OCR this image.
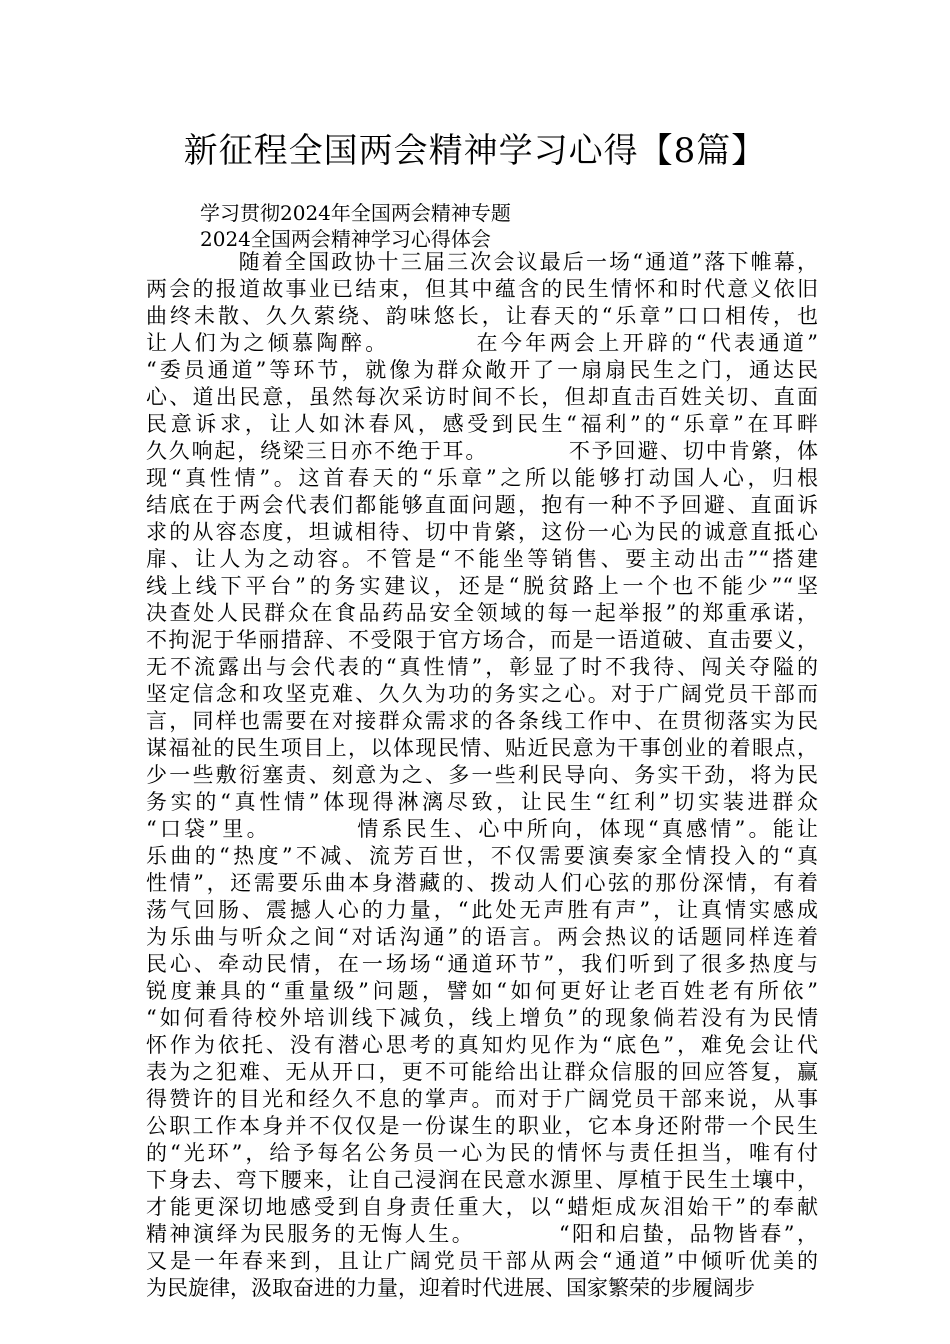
新征程全国两会精神学习心得【8篇】
学习贯彻2024年全国两会精神专题
2024全国两会精神学习心得体会
　　　　随着全国政协十三届三次会议最后一场“通道”落下帷幕，
两会的报道故事业已结束，但其中蕴含的民生情怀和时代意义依旧
曲终未散、久久萦绕、韵味悠长，让春天的“乐章”口口相传，也
让人们为之倾慕陶醉。　　　　在今年两会上开辟的“代表通道”
“委员通道”等环节，就像为群众敞开了一扇扇民生之门，通达民
心、道出民意，虽然每次采访时间不长，但却直击百姓关切、直面
民意诉求，让人如沐春风，感受到民生“福利”的“乐章”在耳畔
久久响起，绕梁三日亦不绝于耳。　　　　不予回避、切中肯綮，体
现“真性情”。这首春天的“乐章”之所以能够打动国人心，归根
结底在于两会代表们都能够直面问题，抱有一种不予回避、直面诉
求的从容态度，坦诚相待、切中肯綮，这份一心为民的诚意直抵心
扉、让人为之动容。不管是“不能坐等销售、要主动出击”“搭建
线上线下平台”的务实建议，还是“脱贫路上一个也不能少”“坚
决查处人民群众在食品药品安全领域的每一起举报”的郑重承诺，
不拘泥于华丽措辞、不受限于官方场合，而是一语道破、直击要义，
无不流露出与会代表的“真性情”，彰显了时不我待、闯关夺隘的
坚定信念和攻坚克难、久久为功的务实之心。对于广阔党员干部而
言，同样也需要在对接群众需求的各条线工作中、在贯彻落实为民
谋福祉的民生项目上，以体现民情、贴近民意为干事创业的着眼点，
少一些敷衍塞责、刻意为之、多一些利民导向、务实干劲，将为民
务实的“真性情”体现得淋漓尽致，让民生“红利”切实装进群众
“口袋”里。　　　　情系民生、心中所向，体现“真感情”。能让
乐曲的“热度”不减、流芳百世，不仅需要演奏家全情投入的“真
性情”，还需要乐曲本身潜藏的、拨动人们心弦的那份深情，有着
荡气回肠、震撼人心的力量，“此处无声胜有声”，让真情实感成
为乐曲与听众之间“对话沟通”的语言。两会热议的话题同样连着
民心、牵动民情，在一场场“通道环节”，我们听到了很多热度与
锐度兼具的“重量级”问题，譬如“如何更好让老百姓老有所依”
“如何看待校外培训线下减负，线上增负”的现象倘若没有为民情
怀作为依托、没有潜心思考的真知灼见作为“底色”，难免会让代
表为之犯难、无从开口，更不可能给出让群众信服的回应答复，赢
得赞许的目光和经久不息的掌声。而对于广阔党员干部来说，从事
公职工作本身并不仅仅是一份谋生的职业，它本身还附带一个民生
的“光环”，给予每名公务员一心为民的情怀与责任担当，唯有付
下身去、弯下腰来，让自己浸润在民意水源里、厚植于民生土壤中，
才能更深切地感受到自身责任重大，以“蜡炬成灰泪始干”的奉献
精神演绎为民服务的无悔人生。　　　　“阳和启蛰，品物皆春”，
又是一年春来到，且让广阔党员干部从两会“通道”中倾听优美的
为民旋律，汲取奋进的力量，迎着时代进展、国家繁荣的步履阔步
